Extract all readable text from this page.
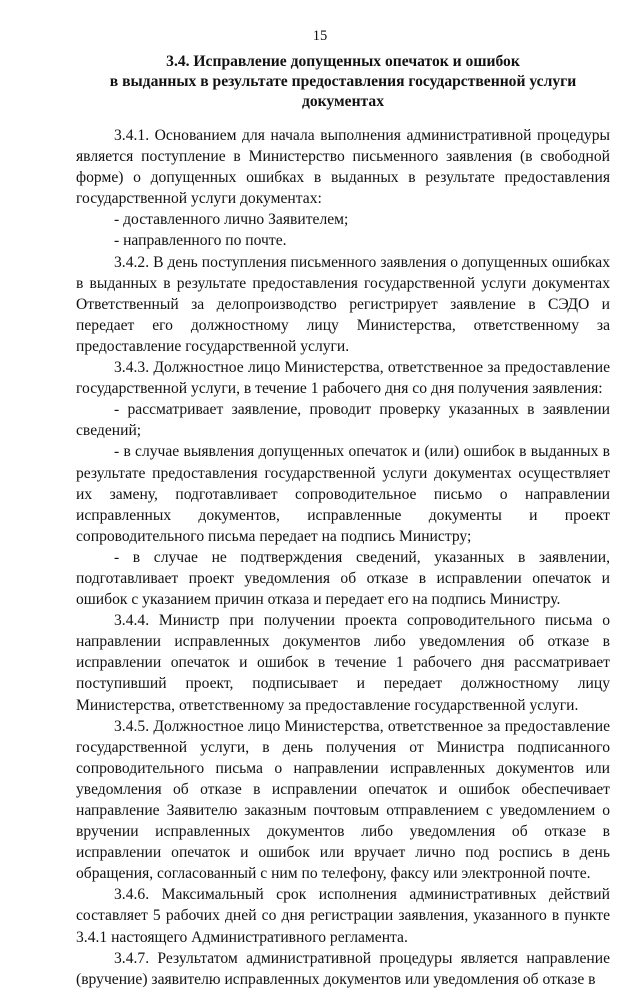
15
3.4. Исправление допущенных опечаток и ошибок
в выданных в результате предоставления государственной услуги
документах

3.4.1. Основанием для начала выполнения административной процедуры является поступление в Министерство письменного заявления (в свободной форме) о допущенных ошибках в выданных в результате предоставления государственной услуги документах:

- доставленного лично Заявителем;

- направленного по почте.

3.4.2. В день поступления письменного заявления о допущенных ошибках в выданных в результате предоставления государственной услуги документах Ответственный за делопроизводство регистрирует заявление в СЭДО и передает его должностному лицу Министерства, ответственному за предоставление государственной услуги.

3.4.3. Должностное лицо Министерства, ответственное за предоставление государственной услуги, в течение 1 рабочего дня со дня получения заявления:

- рассматривает заявление, проводит проверку указанных в заявлении сведений;

- в случае выявления допущенных опечаток и (или) ошибок в выданных в результате предоставления государственной услуги документах осуществляет их замену, подготавливает сопроводительное письмо о направлении исправленных документов, исправленные документы и проект сопроводительного письма передает на подпись Министру;

- в случае не подтверждения сведений, указанных в заявлении, подготавливает проект уведомления об отказе в исправлении опечаток и ошибок с указанием причин отказа и передает его на подпись Министру.

3.4.4. Министр при получении проекта сопроводительного письма о направлении исправленных документов либо уведомления об отказе в исправлении опечаток и ошибок в течение 1 рабочего дня рассматривает поступивший проект, подписывает и передает должностному лицу Министерства, ответственному за предоставление государственной услуги.

3.4.5. Должностное лицо Министерства, ответственное за предоставление государственной услуги, в день получения от Министра подписанного сопроводительного письма о направлении исправленных документов или уведомления об отказе в исправлении опечаток и ошибок обеспечивает направление Заявителю заказным почтовым отправлением с уведомлением о вручении исправленных документов либо уведомления об отказе в исправлении опечаток и ошибок или вручает лично под роспись в день обращения, согласованный с ним по телефону, факсу или электронной почте.

3.4.6. Максимальный срок исполнения административных действий составляет 5 рабочих дней со дня регистрации заявления, указанного в пункте 3.4.1 настоящего Административного регламента.

3.4.7. Результатом административной процедуры является направление (вручение) заявителю исправленных документов или уведомления об отказе в
